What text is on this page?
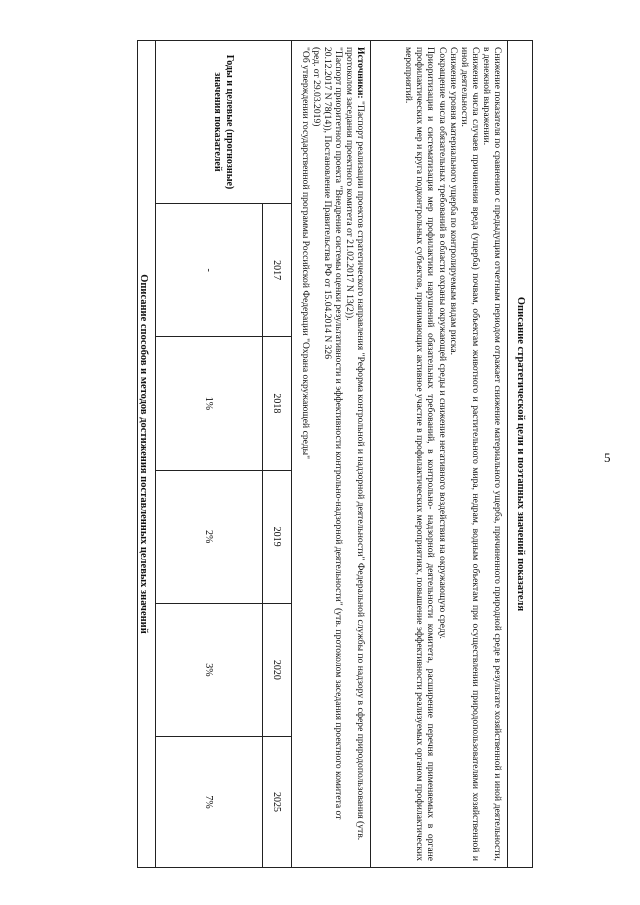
5
Описание стратегической цели и поэтапных значений показателя

Снижение показателя по сравнению с предыдущим отчетным периодом отражает снижение материального ущерба, причиненного природной среде в результате хозяйственной и иной деятельности, в денежной выражении.

Снижение числа случаев причинения вреда (ущерба) почвам, объектам животного и растительного мира, недрам, водным объектам при осуществлении природопользователями хозяйственной и иной деятельности.

Снижение уровня материального ущерба по контролируемым видам риска.

Сокращение числа обязательных требований в области охраны окружающей среды и снижение негативного воздействия на окружающую среду.

Приоритизация и систематизация мер профилактики нарушений обязательных требований, в контрольно- надзорной деятельности комитета, расширение перечня применяемых в органе профилактических мер и круга подконтрольных субъектов, принимающих активное участие в профилактических мероприятиях, повышение эффективности реализуемых органом профилактических мероприятий.

Источники: "Паспорт реализации проектов стратегического направления "Реформа контрольной и надзорной деятельности" Федеральной службы по надзору в сфере природопользования (утв. протоколом заседания проектного комитета от 21.02.2017 N 13(2)).

"Паспорт приоритетного проекта "Внедрение системы оценки результативности и эффективности контрольно-надзорной деятельности" (утв. протоколом заседания проектного комитета от 20.12.2017 N 78(14)), Постановление Правительства РФ от 15.04.2014 N 326

(ред. от 29.03.2019)

"Об утверждении государственной программы Российской Федерации "Охрана окружающей среды"

Годы и целевые (прогнозные) значения показателей	2017	2018	2019	2020	2025
	-	1%	2%	3%	7%
Описание способов и методов достижения поставленных целевых значений
